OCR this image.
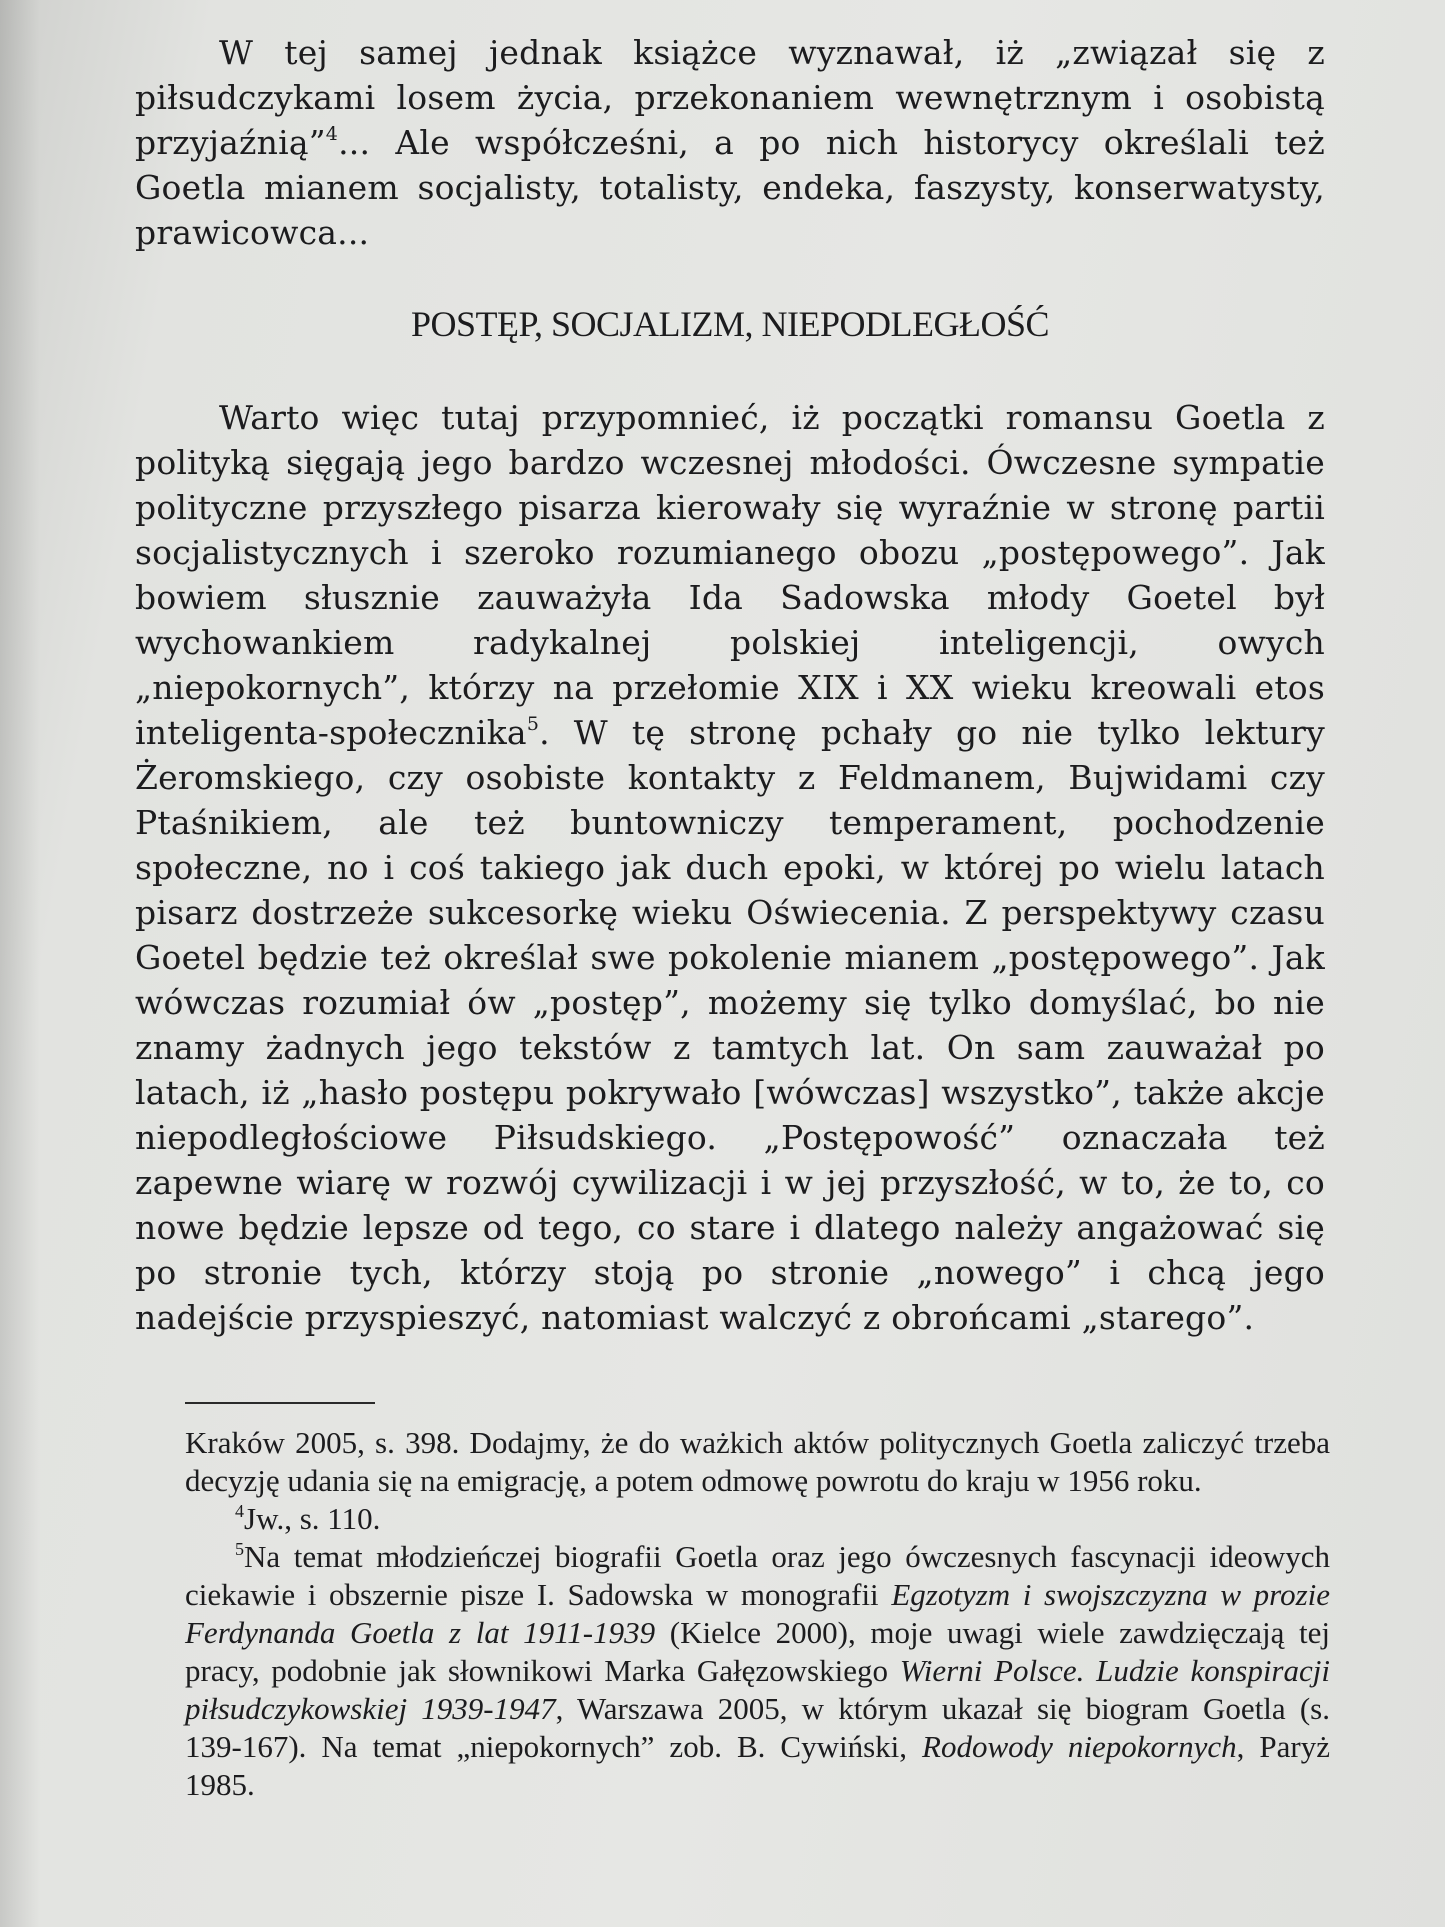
W tej samej jednak książce wyznawał, iż „związał się z piłsudczykami losem życia, przekonaniem wewnętrznym i osobistą przyjaźnią”$^4$... Ale współcześni, a po nich historycy określali też Goetla mianem socjalisty, totalisty, endeka, faszysty, konserwatysty, prawicowca...

POSTĘP, SOCJALIZM, NIEPODLEGŁOŚĆ

Warto więc tutaj przypomnieć, iż początki romansu Goetla z polityką sięgają jego bardzo wczesnej młodości. Ówczesne sympatie polityczne przyszłego pisarza kierowały się wyraźnie w stronę partii socjalistycznych i szeroko rozumianego obozu „postępowego”. Jak bowiem słusznie zauważyła Ida Sadowska młody Goetel był wychowankiem radykalnej polskiej inteligencji, owych „niepokornych”, którzy na przełomie XIX i XX wieku kreowali etos inteligenta-społecznika$^5$. W tę stronę pchały go nie tylko lektury Żeromskiego, czy osobiste kontakty z Feldmanem, Bujwidami czy Ptaśnikiem, ale też buntowniczy temperament, pochodzenie społeczne, no i coś takiego jak duch epoki, w której po wielu latach pisarz dostrzeże sukcesorkę wieku Oświecenia. Z perspektywy czasu Goetel będzie też określał swe pokolenie mianem „postępowego”. Jak wówczas rozumiał ów „postęp”, możemy się tylko domyślać, bo nie znamy żadnych jego tekstów z tamtych lat. On sam zauważał po latach, iż „hasło postępu pokrywało [wówczas] wszystko”, także akcje niepodległościowe Piłsudskiego. „Postępowość” oznaczała też zapewne wiarę w rozwój cywilizacji i w jej przyszłość, w to, że to, co nowe będzie lepsze od tego, co stare i dlatego należy angażować się po stronie tych, którzy stoją po stronie „nowego” i chcą jego nadejście przyspieszyć, natomiast walczyć z obrońcami „starego”.

Kraków 2005, s. 398. Dodajmy, że do ważkich aktów politycznych Goetla zaliczyć trzeba decyzję udania się na emigrację, a potem odmowę powrotu do kraju w 1956 roku.

$^4$Jw., s. 110.

$^5$Na temat młodzieńczej biografii Goetla oraz jego ówczesnych fascynacji ideowych ciekawie i obszernie pisze I. Sadowska w monografii Egzotyzm i swojszczyzna w prozie Ferdynanda Goetla z lat 1911-1939 (Kielce 2000), moje uwagi wiele zawdzięczają tej pracy, podobnie jak słownikowi Marka Gałęzowskiego Wierni Polsce. Ludzie konspiracji piłsudczykowskiej 1939-1947, Warszawa 2005, w którym ukazał się biogram Goetla (s. 139-167). Na temat „niepokornych” zob. B. Cywiński, Rodowody niepokornych, Paryż 1985.
